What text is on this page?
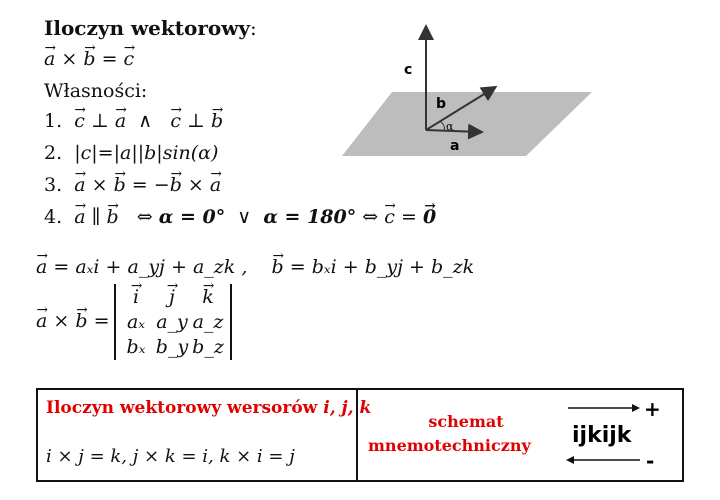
Iloczyn wektorowy:
a → × b → = c →
Własności:
1. c → ⊥ a → ∧ c → ⊥ b →
2. |c|=|a||b|sin(α)
3. a → × b → = −b → × a →
4. a → ∥ b → ⇔ α = 0° ∨ α = 180° ⇔ c → = 0 →
a → = aₓi + a_yj + a_zk , b → = bₓi + b_yj + b_zk
a → × b → =
i →	j →	k →
aₓ a_y a_z
bₓ b_y b_z
c
b
a
α
Iloczyn wektorowy wersorów i, j, k
i × j = k, j × k = i, k × i = j
schemat
mnemotechniczny ijkijk
+
-
